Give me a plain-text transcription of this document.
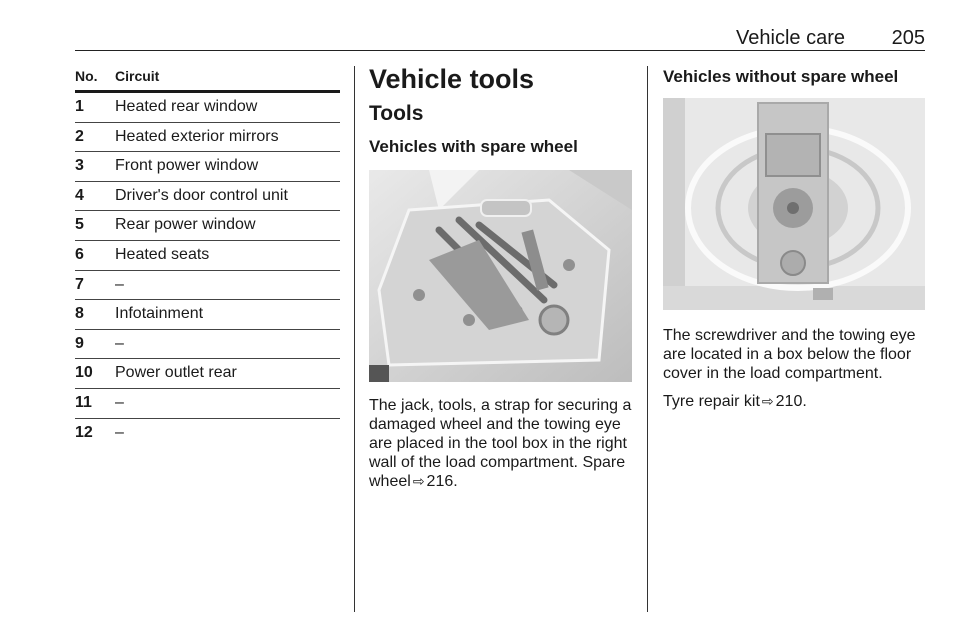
Vehicle care 205
No.	Circuit
1	Heated rear window
2	Heated exterior mirrors
3	Front power window
4	Driver's door control unit
5	Rear power window
6	Heated seats
7	–
8	Infotainment
9	–
10	Power outlet rear
11	–
12	–
Vehicle tools
Tools
Vehicles with spare wheel

The jack, tools, a strap for securing a damaged wheel and the towing eye are placed in the tool box in the right wall of the load compartment. Spare wheel ⇨ 216.

Vehicles without spare wheel

The screwdriver and the towing eye are located in a box below the floor cover in the load compartment.

Tyre repair kit ⇨ 210.
